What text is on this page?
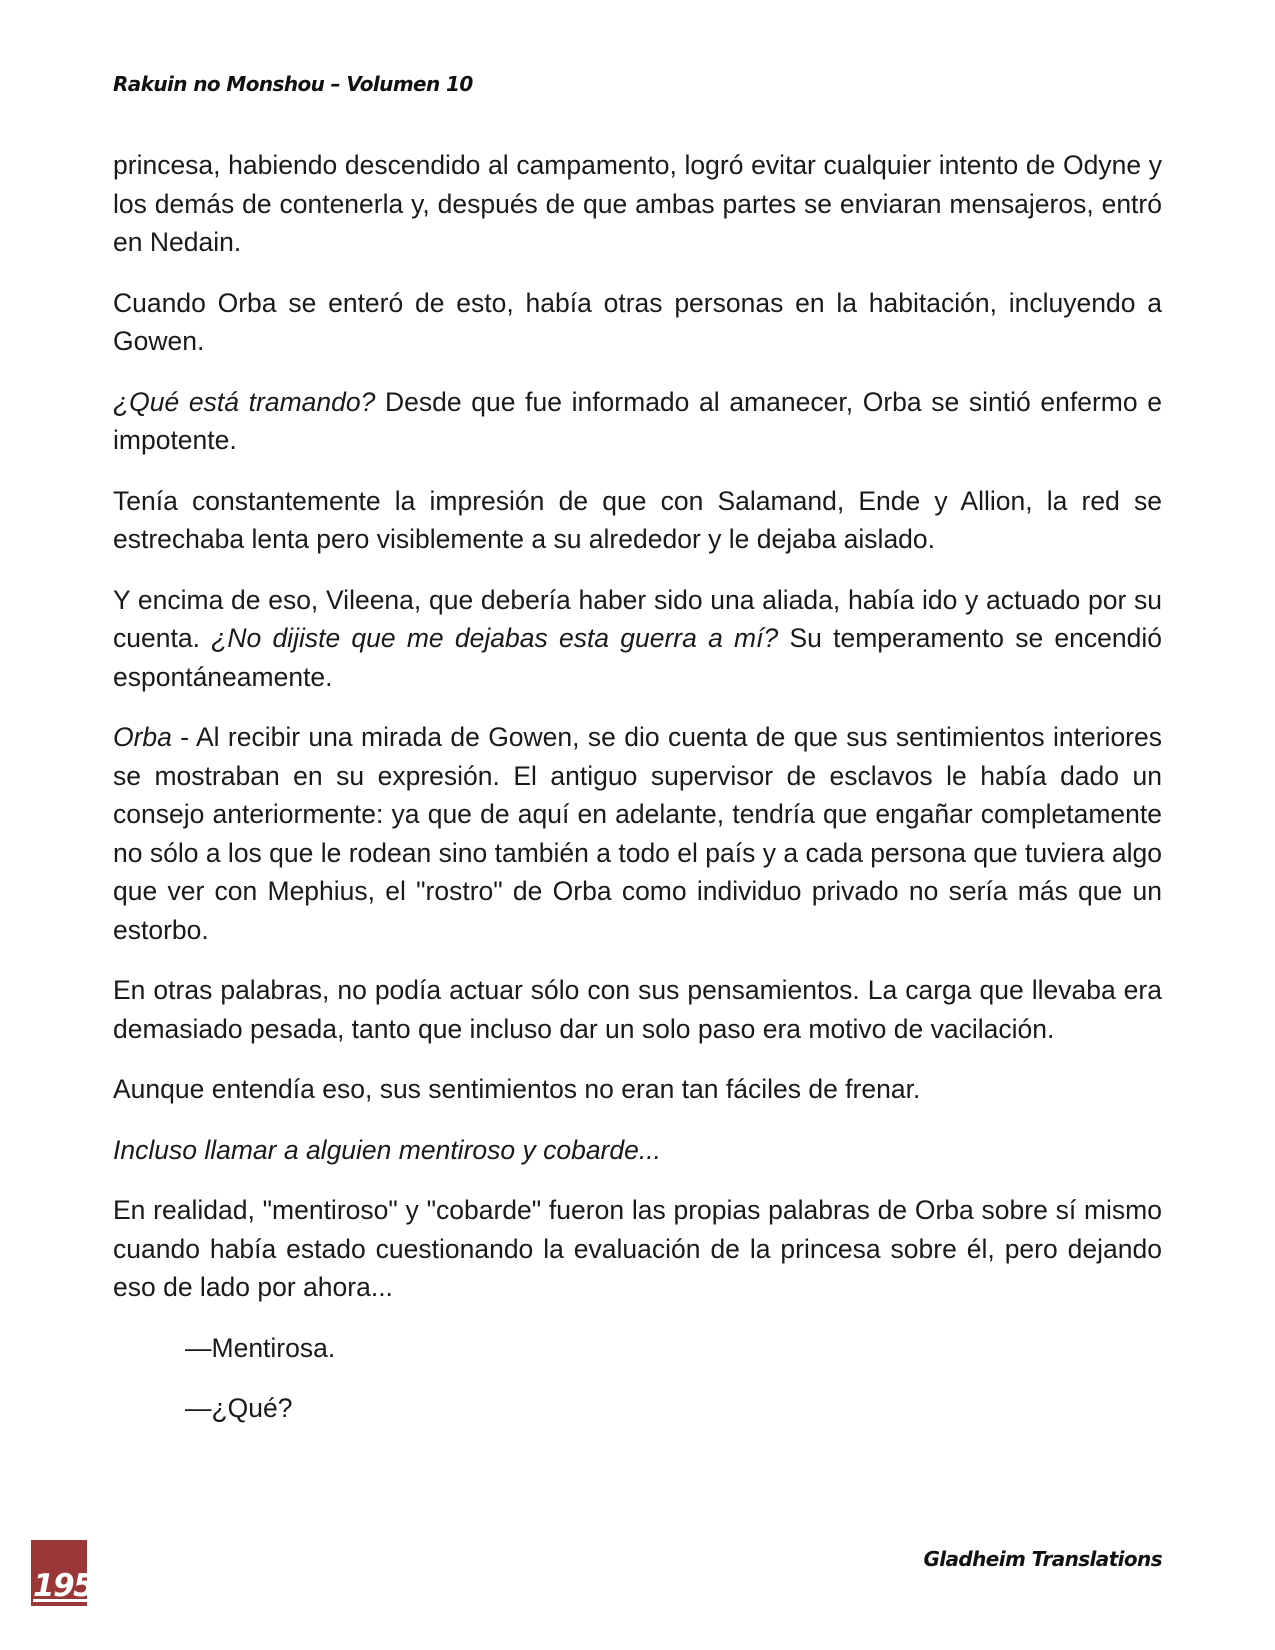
Rakuin no Monshou – Volumen 10

princesa, habiendo descendido al campamento, logró evitar cualquier intento de Odyne y los demás de contenerla y, después de que ambas partes se enviaran mensajeros, entró en Nedain.

Cuando Orba se enteró de esto, había otras personas en la habitación, incluyendo a Gowen.

¿Qué está tramando? Desde que fue informado al amanecer, Orba se sintió enfermo e impotente.

Tenía constantemente la impresión de que con Salamand, Ende y Allion, la red se estrechaba lenta pero visiblemente a su alrededor y le dejaba aislado.

Y encima de eso, Vileena, que debería haber sido una aliada, había ido y actuado por su cuenta. ¿No dijiste que me dejabas esta guerra a mí? Su temperamento se encendió espontáneamente.

Orba - Al recibir una mirada de Gowen, se dio cuenta de que sus sentimientos interiores se mostraban en su expresión. El antiguo supervisor de esclavos le había dado un consejo anteriormente: ya que de aquí en adelante, tendría que engañar completamente no sólo a los que le rodean sino también a todo el país y a cada persona que tuviera algo que ver con Mephius, el "rostro" de Orba como individuo privado no sería más que un estorbo.

En otras palabras, no podía actuar sólo con sus pensamientos. La carga que llevaba era demasiado pesada, tanto que incluso dar un solo paso era motivo de vacilación.

Aunque entendía eso, sus sentimientos no eran tan fáciles de frenar.

Incluso llamar a alguien mentiroso y cobarde...

En realidad, "mentiroso" y "cobarde" fueron las propias palabras de Orba sobre sí mismo cuando había estado cuestionando la evaluación de la princesa sobre él, pero dejando eso de lado por ahora...

—Mentirosa.

—¿Qué?

195
Gladheim Translations
